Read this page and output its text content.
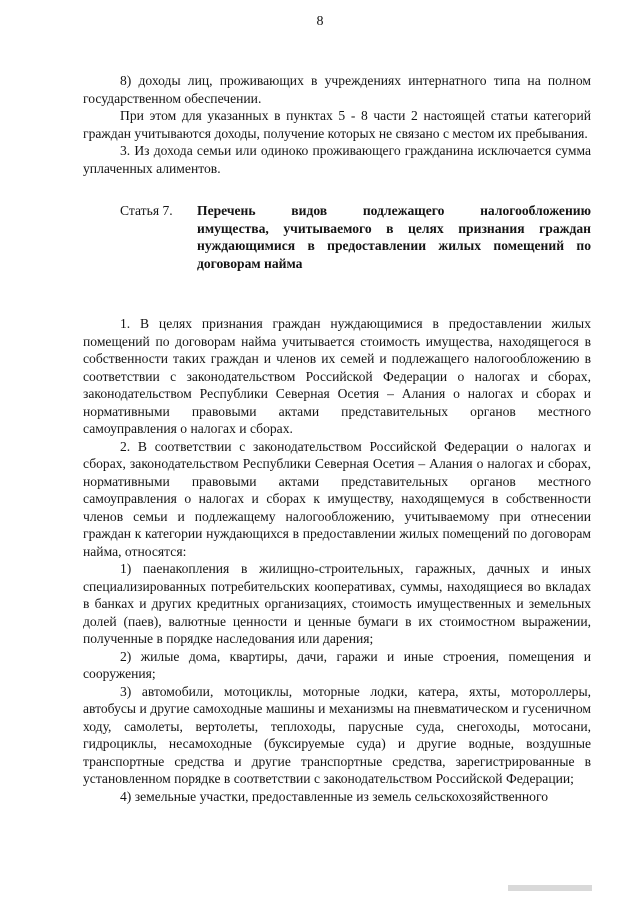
8

8) доходы лиц, проживающих в учреждениях интернатного типа на полном государственном обеспечении.

При этом для указанных в пунктах 5 - 8 части 2 настоящей статьи категорий граждан учитываются доходы, получение которых не связано с местом их пребывания.

3. Из дохода семьи или одиноко проживающего гражданина исключается сумма уплаченных алиментов.

Статья 7.	Перечень видов подлежащего налогообложению
имущества, учитываемого в целях признания граждан
нуждающимися в предоставлении жилых помещений по
договорам найма

1. В целях признания граждан нуждающимися в предоставлении жилых помещений по договорам найма учитывается стоимость имущества, находящегося в собственности таких граждан и членов их семей и подлежащего налогообложению в соответствии с законодательством Российской Федерации о налогах и сборах, законодательством Республики Северная Осетия – Алания о налогах и сборах и нормативными правовыми актами представительных органов местного самоуправления о налогах и сборах.

2. В соответствии с законодательством Российской Федерации о налогах и сборах, законодательством Республики Северная Осетия – Алания о налогах и сборах, нормативными правовыми актами представительных органов местного самоуправления о налогах и сборах к имуществу, находящемуся в собственности членов семьи и подлежащему налогообложению, учитываемому при отнесении граждан к категории нуждающихся в предоставлении жилых помещений по договорам найма, относятся:

1) паенакопления в жилищно-строительных, гаражных, дачных и иных специализированных потребительских кооперативах, суммы, находящиеся во вкладах в банках и других кредитных организациях, стоимость имущественных и земельных долей (паев), валютные ценности и ценные бумаги в их стоимостном выражении, полученные в порядке наследования или дарения;

2) жилые дома, квартиры, дачи, гаражи и иные строения, помещения и сооружения;

3) автомобили, мотоциклы, моторные лодки, катера, яхты, мотороллеры, автобусы и другие самоходные машины и механизмы на пневматическом и гусеничном ходу, самолеты, вертолеты, теплоходы, парусные суда, снегоходы, мотосани, гидроциклы, несамоходные (буксируемые суда) и другие водные, воздушные транспортные средства и другие транспортные средства, зарегистрированные в установленном порядке в соответствии с законодательством Российской Федерации;

4) земельные участки, предоставленные из земель сельскохозяйственного
